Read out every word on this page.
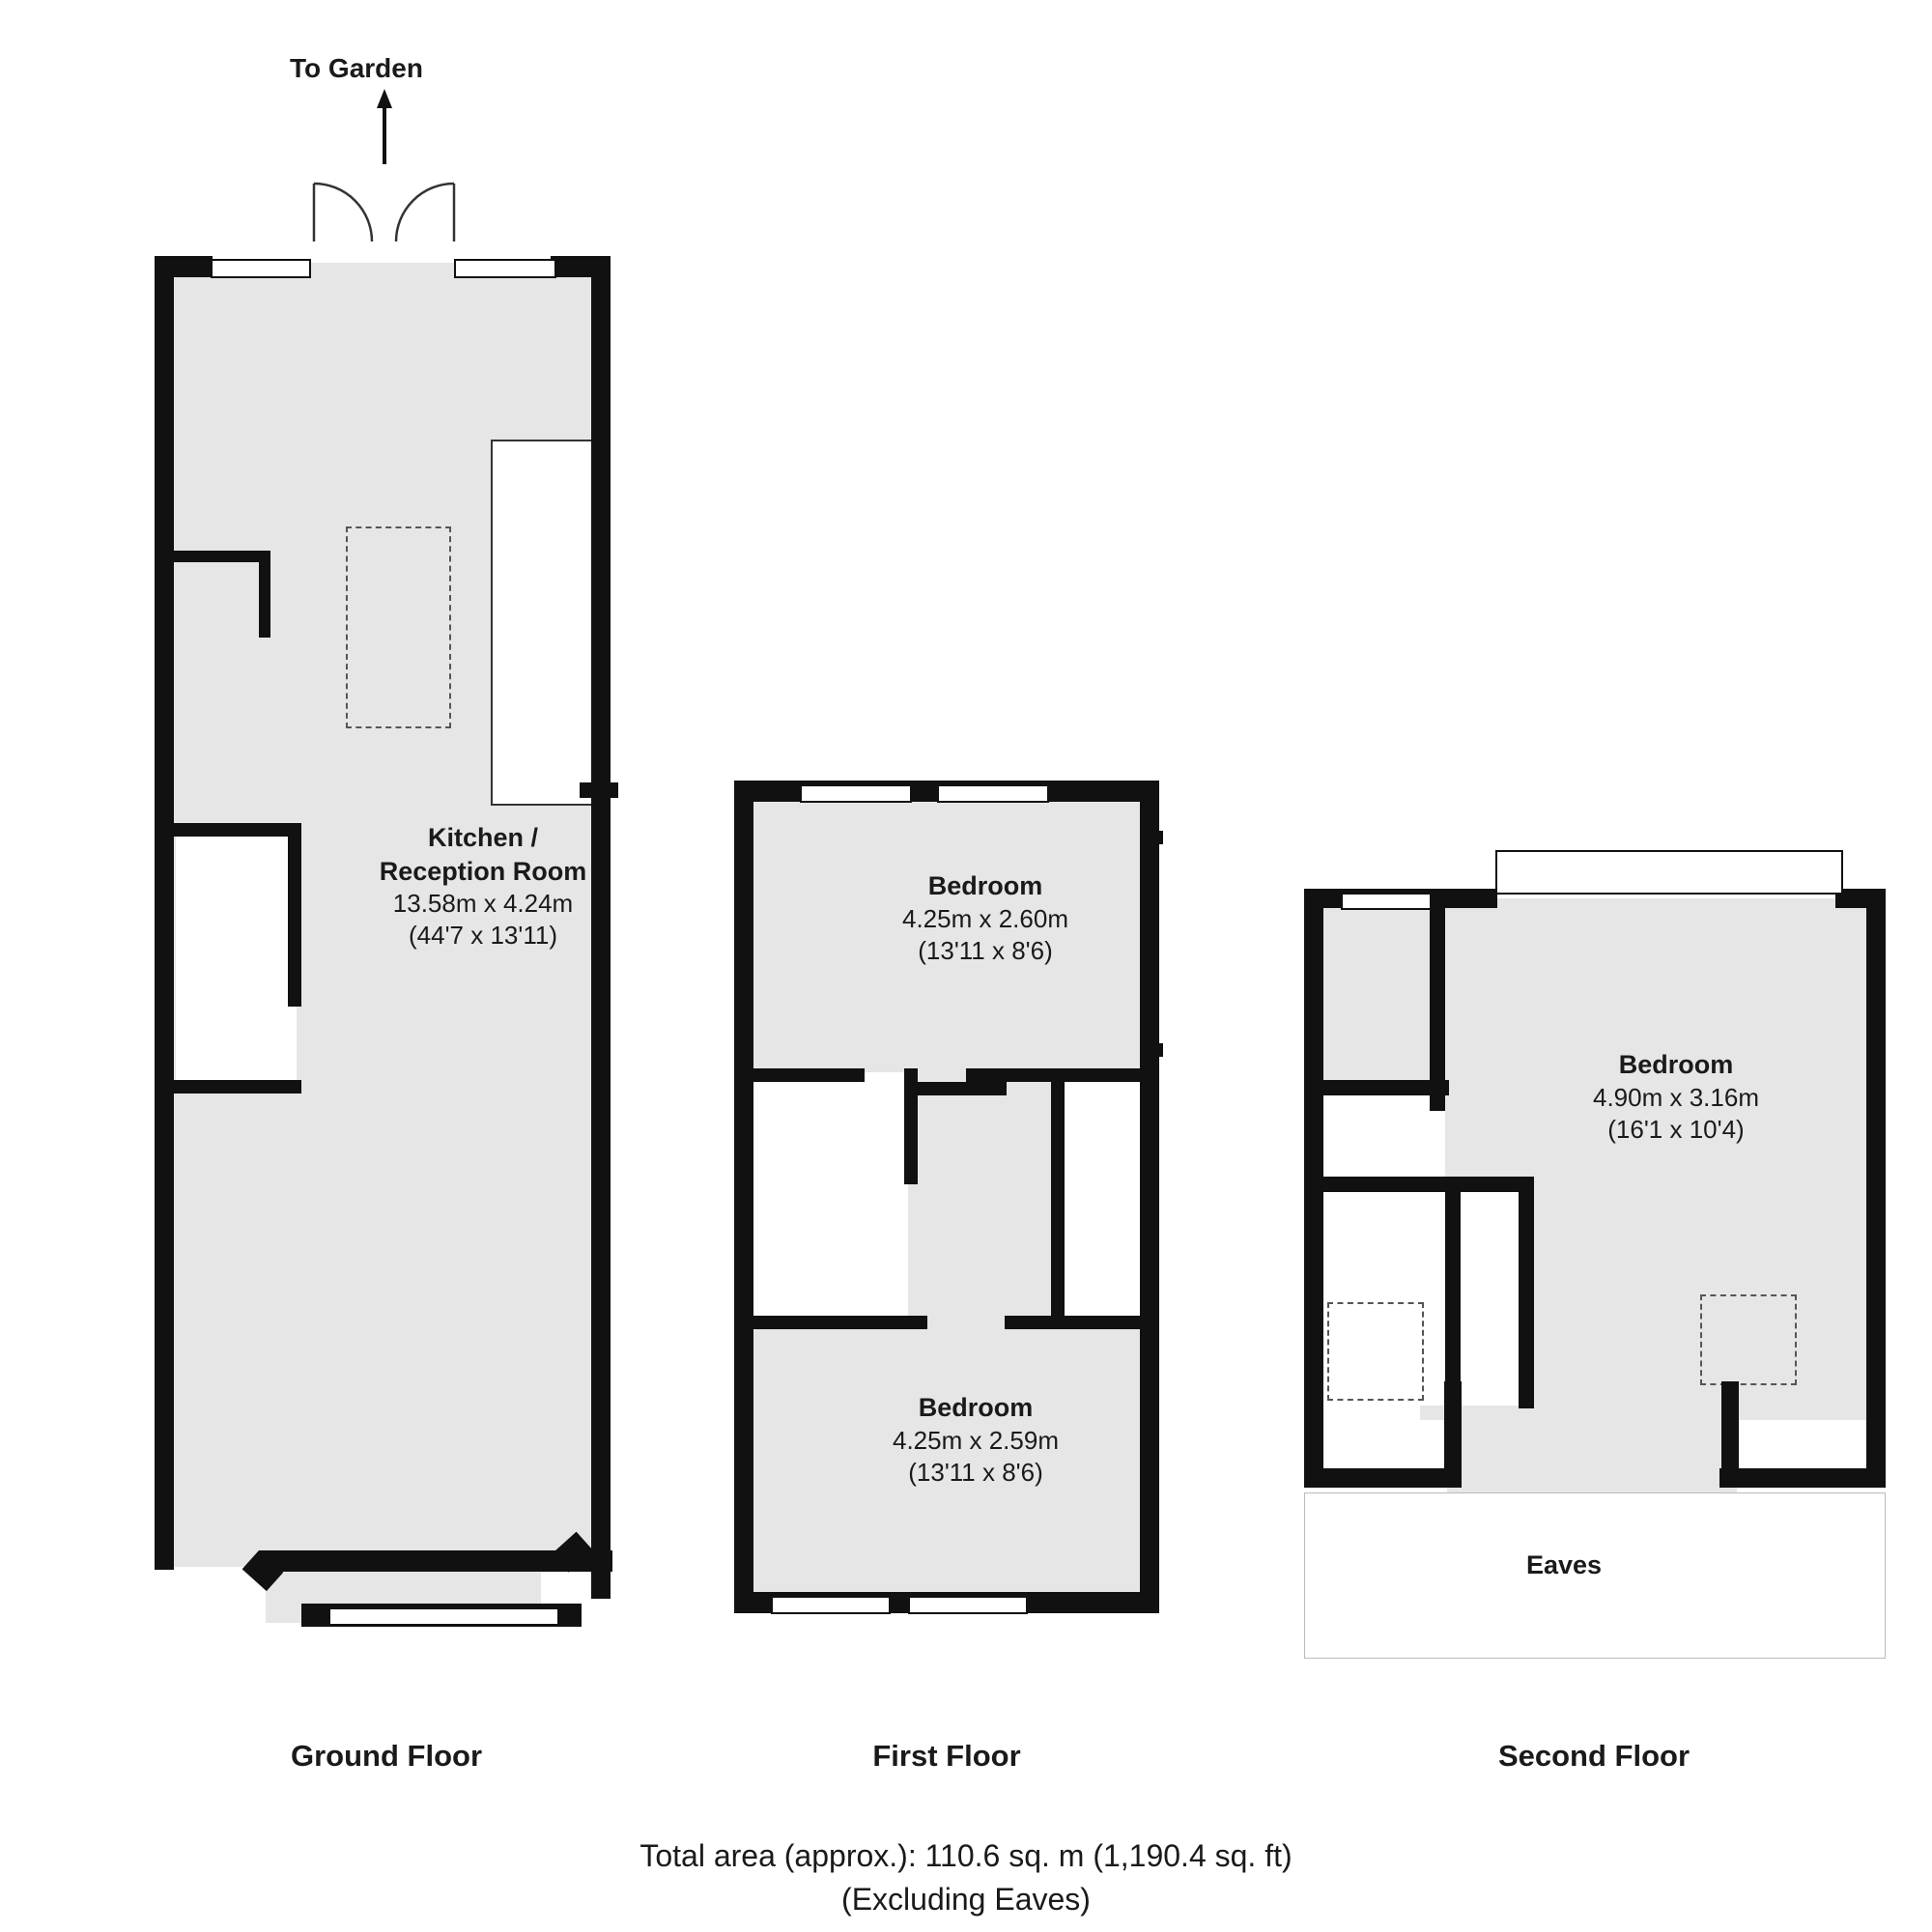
To Garden
Kitchen /
Reception Room
13.58m x 4.24m
(44'7 x 13'11)
Ground Floor
Bedroom
4.25m x 2.60m
(13'11 x 8'6)
Bedroom
4.25m x 2.59m
(13'11 x 8'6)
First Floor
Eaves
Bedroom
4.90m x 3.16m
(16'1 x 10'4)
Second Floor
Total area (approx.): 110.6 sq. m (1,190.4 sq. ft)
(Excluding Eaves)
